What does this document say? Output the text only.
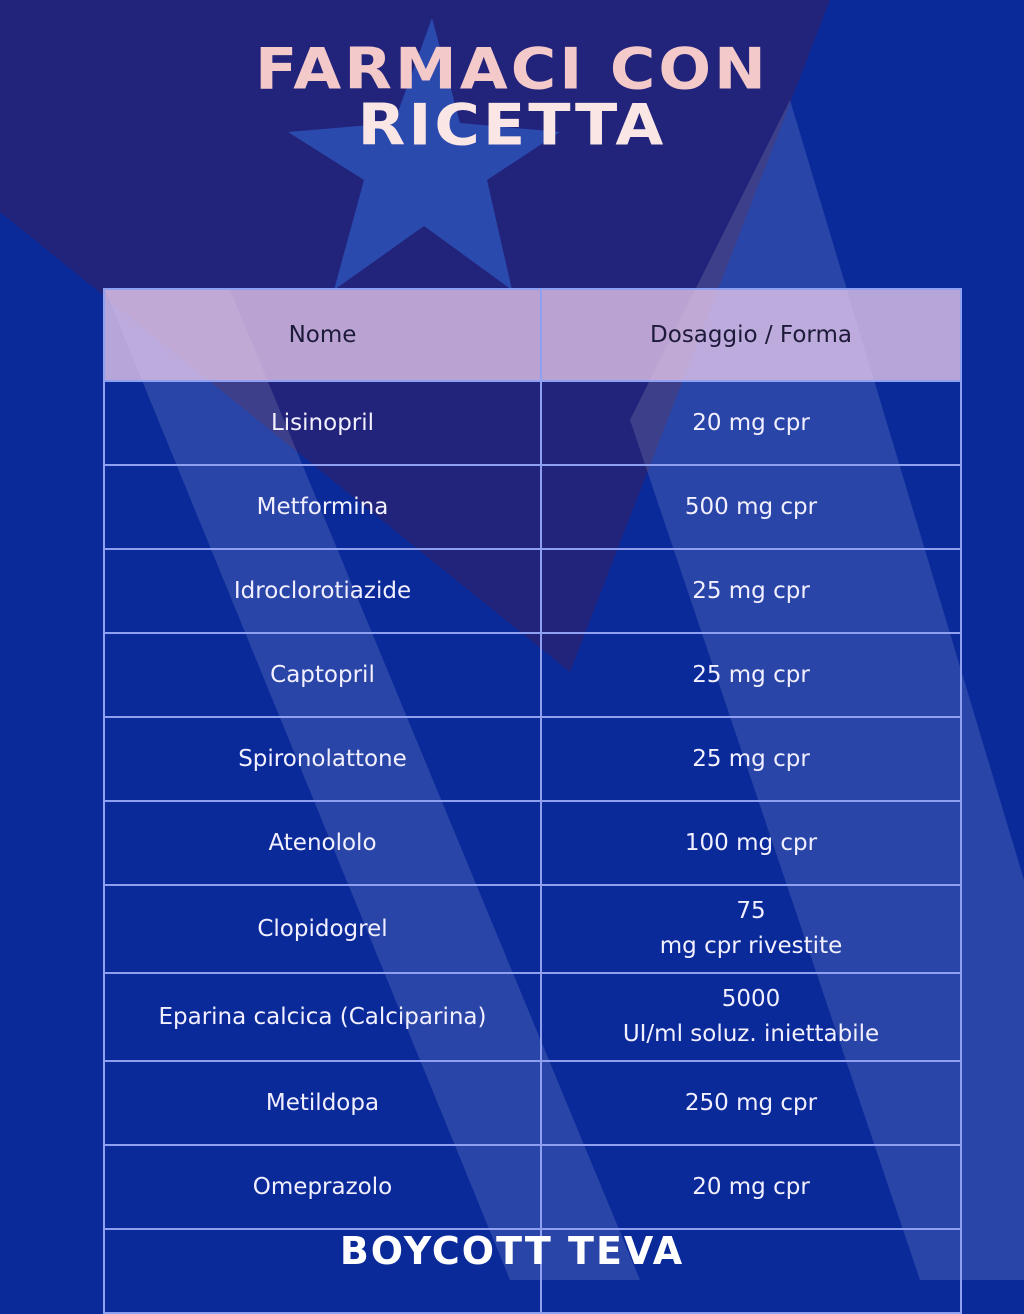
FARMACI CON
RICETTA
Nome	Dosaggio / Forma
Lisinopril	20 mg cpr
Metformina	500 mg cpr
Idroclorotiazide	25 mg cpr
Captopril	25 mg cpr
Spironolattone	25 mg cpr
Atenololo	100 mg cpr
Clopidogrel	75
mg cpr rivestite
Eparina calcica (Calciparina)	5000
UI/ml soluz. iniettabile
Metildopa	250 mg cpr
Omeprazolo	20 mg cpr

BOYCOTT TEVA
